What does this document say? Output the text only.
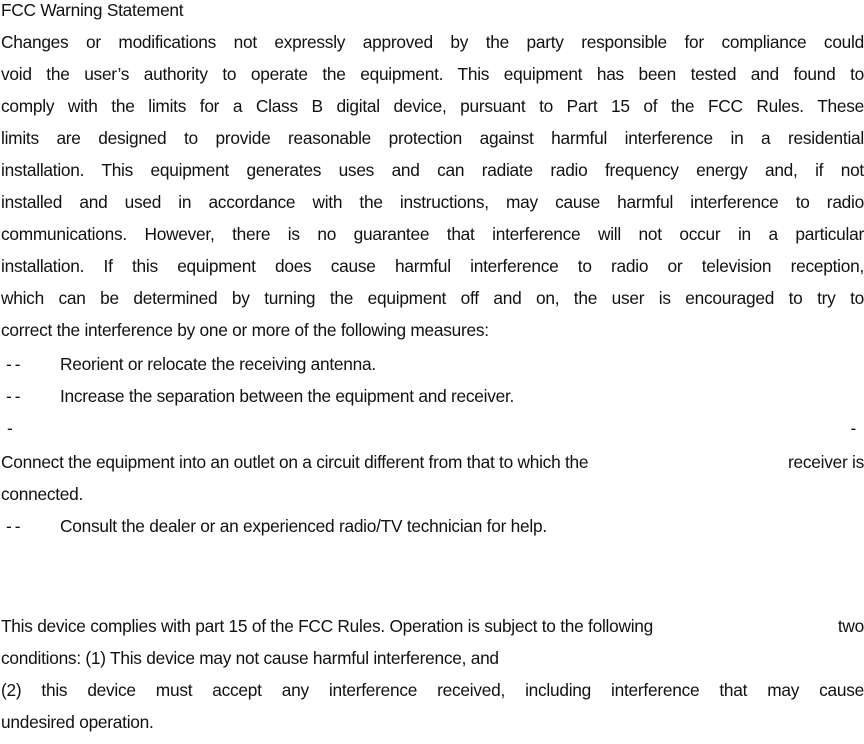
FCC Warning Statement
Changes or modifications not expressly approved by the party responsible for compliance could
void the user’s authority to operate the equipment. This equipment has been tested and found to
comply with the limits for a Class B digital device, pursuant to Part 15 of the FCC Rules. These
limits are designed to provide reasonable protection against harmful interference in a residential
installation. This equipment generates uses and can radiate radio frequency energy and, if not
installed and used in accordance with the instructions, may cause harmful interference to radio
communications. However, there is no guarantee that interference will not occur in a particular
installation. If this equipment does cause harmful interference to radio or television reception,
which can be determined by turning the equipment off and on, the user is encouraged to try to
correct the interference by one or more of the following measures:
-- Reorient or relocate the receiving antenna.
-- Increase the separation between the equipment and receiver.
-	-
Connect the equipment into an outlet on a circuit different from that to which the	receiver is
connected.
-- Consult the dealer or an experienced radio/TV technician for help.
This device complies with part 15 of the FCC Rules. Operation is subject to the following	two
conditions: (1) This device may not cause harmful interference, and
(2) this device must accept any interference received, including interference that may cause
undesired operation.
